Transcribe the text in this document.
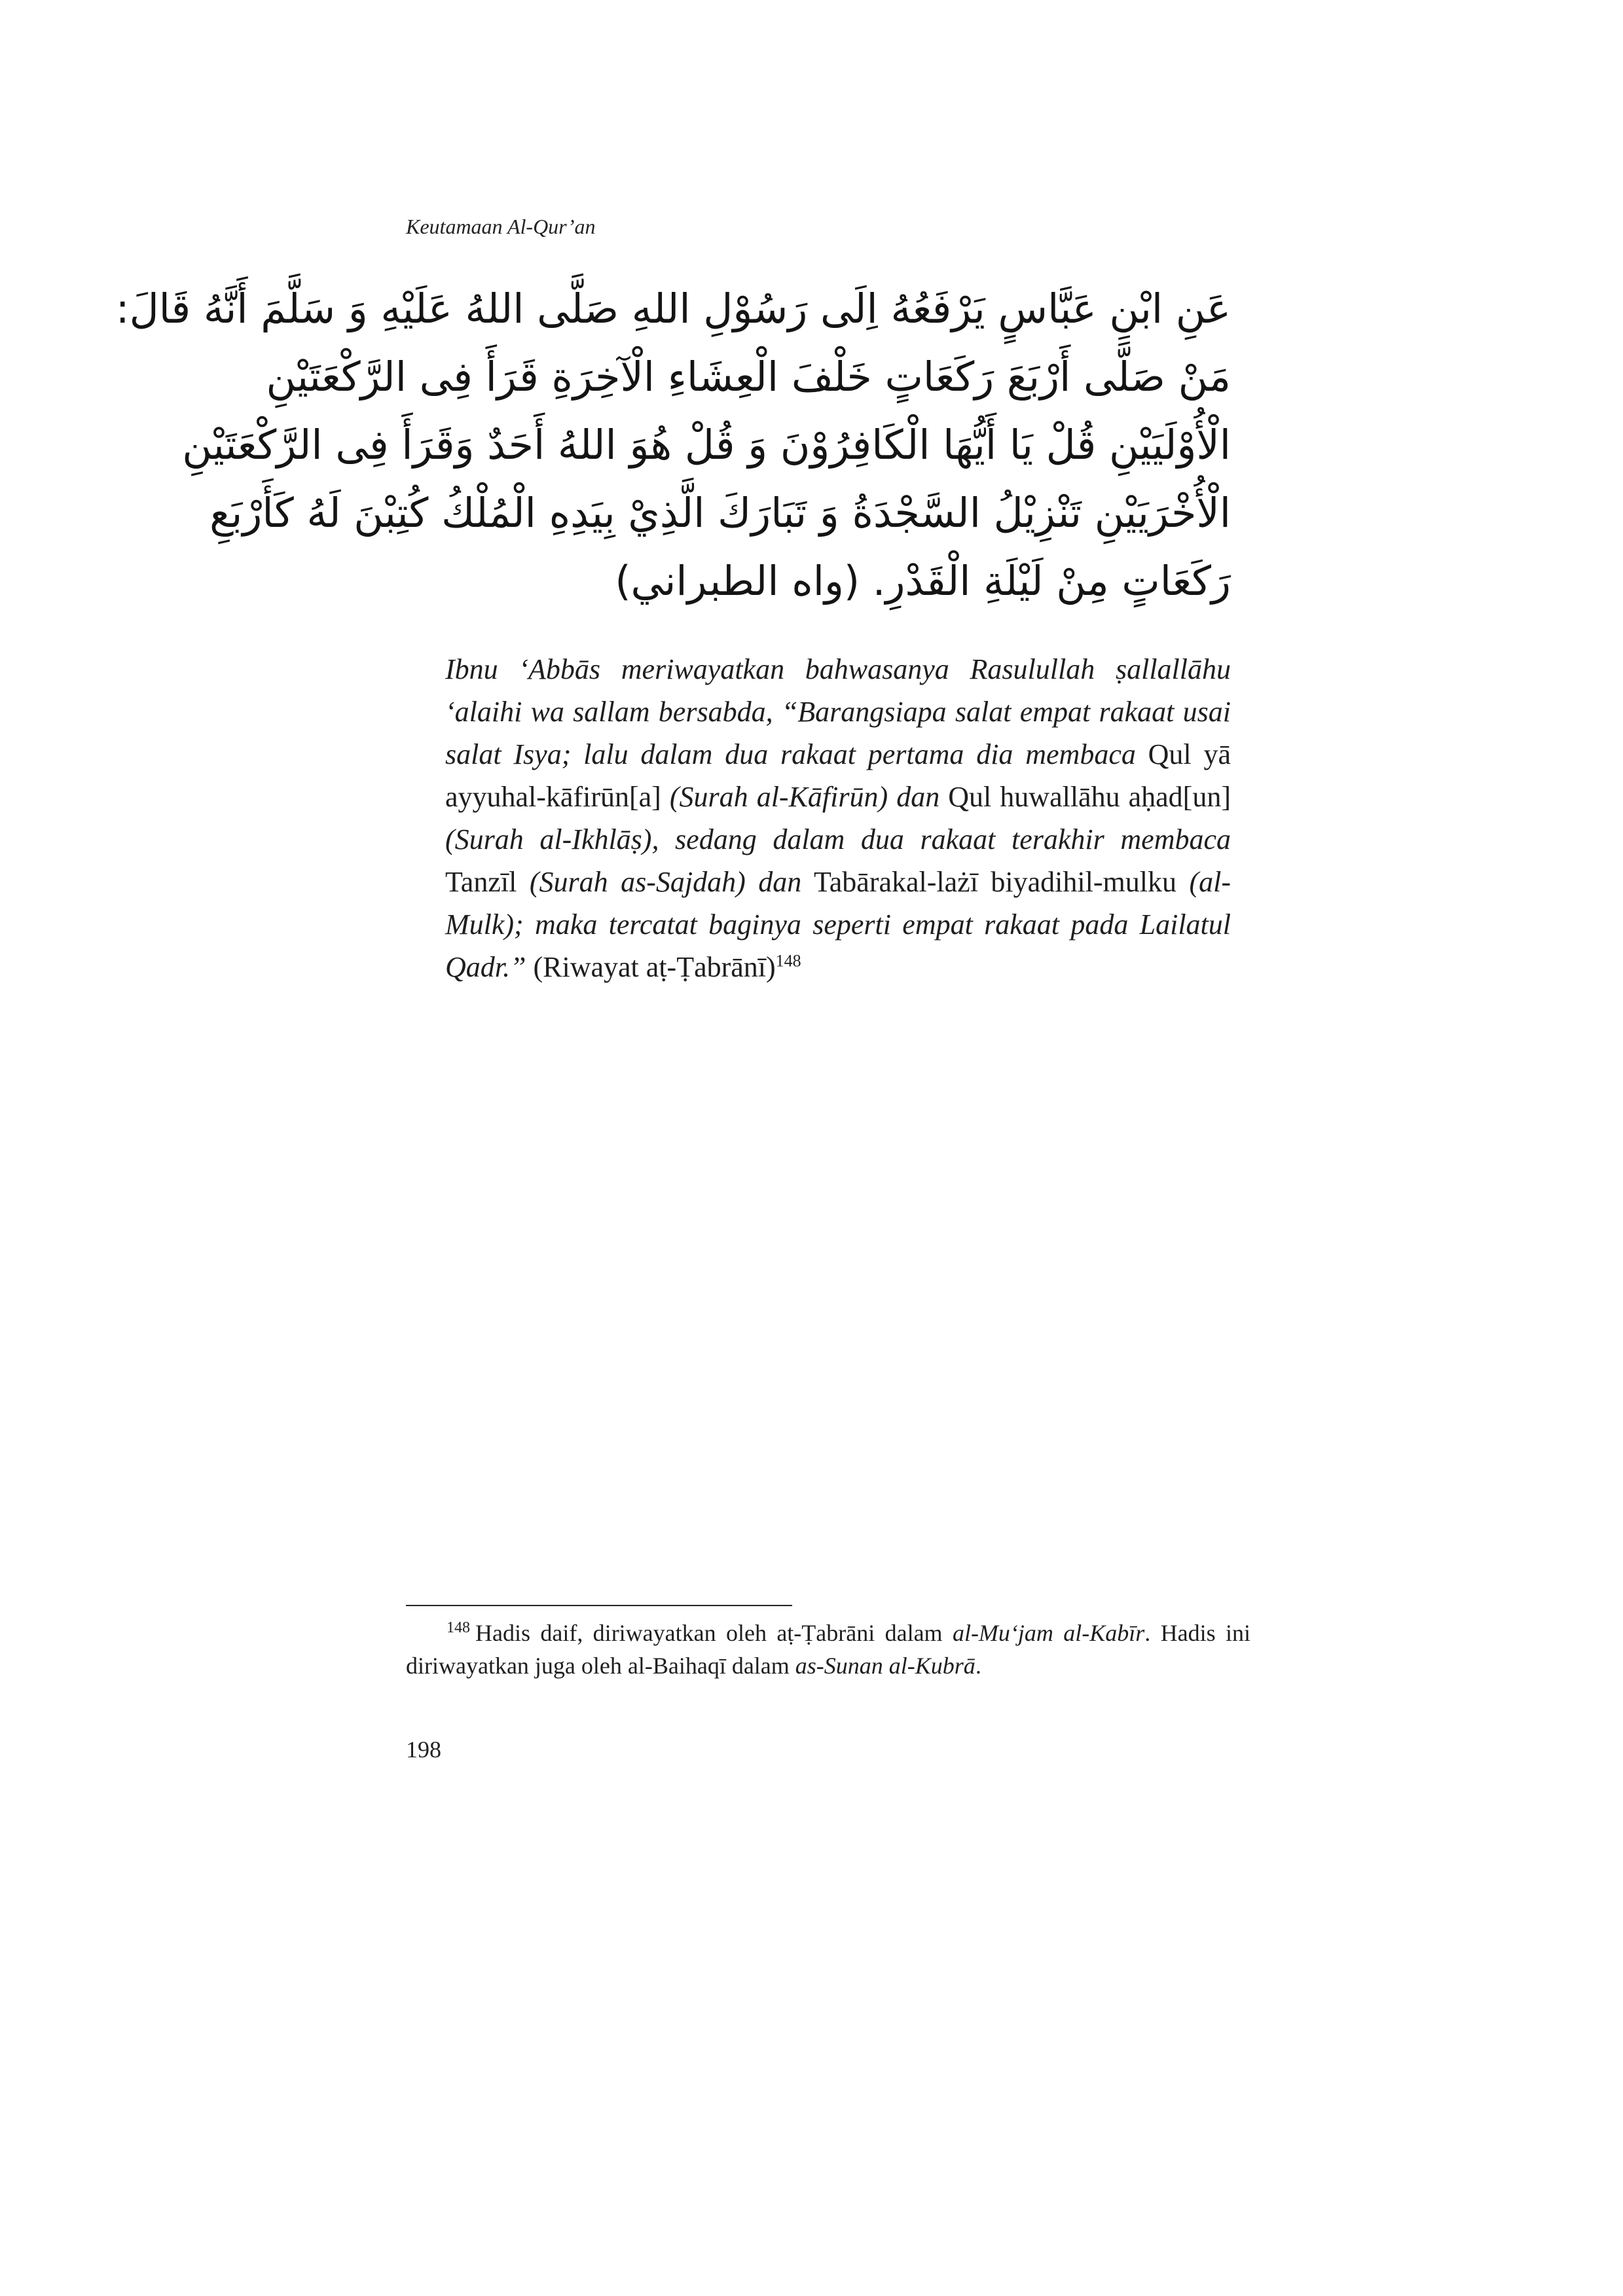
Keutamaan Al-Qur’an
عَنِ ابْنِ عَبَّاسٍ يَرْفَعُهُ اِلَى رَسُوْلِ اللهِ صَلَّى اللهُ عَلَيْهِ وَ سَلَّمَ أَنَّهُ قَالَ:
مَنْ صَلَّى أَرْبَعَ رَكَعَاتٍ خَلْفَ الْعِشَاءِ الْآخِرَةِ قَرَأَ فِى الرَّكْعَتَيْنِ
الْأُوْلَيَيْنِ قُلْ يَا أَيُّهَا الْكَافِرُوْنَ وَ قُلْ هُوَ اللهُ أَحَدٌ وَقَرَأَ فِى الرَّكْعَتَيْنِ
الْأُخْرَيَيْنِ تَنْزِيْلُ السَّجْدَةُ وَ تَبَارَكَ الَّذِيْ بِيَدِهِ الْمُلْكُ كُتِبْنَ لَهُ كَأَرْبَعِ
رَكَعَاتٍ مِنْ لَيْلَةِ الْقَدْرِ. (واه الطبراني)
Ibnu ‘Abbās meriwayatkan bahwasanya Rasulullah ṣallallāhu ‘alaihi wa sallam bersabda, “Barangsiapa salat empat rakaat usai salat Isya; lalu dalam dua rakaat pertama dia membaca Qul yā ayyuhal-kāfirūn[a] (Surah al-Kāfirūn) dan Qul huwallāhu aḥad[un] (Surah al-Ikhlāṣ), sedang dalam dua rakaat terakhir membaca Tanzīl (Surah as-Sajdah) dan Tabārakal-lażī biyadihil-mulku (al-Mulk); maka tercatat baginya seperti empat rakaat pada Lailatul Qadr.” (Riwayat aṭ-Ṭabrānī)$^{148}$
$^{148}$ Hadis daif, diriwayatkan oleh aṭ-Ṭabrāni dalam al-Mu‘jam al-Kabīr. Hadis ini diriwayatkan juga oleh al-Baihaqī dalam as-Sunan al-Kubrā.
198
